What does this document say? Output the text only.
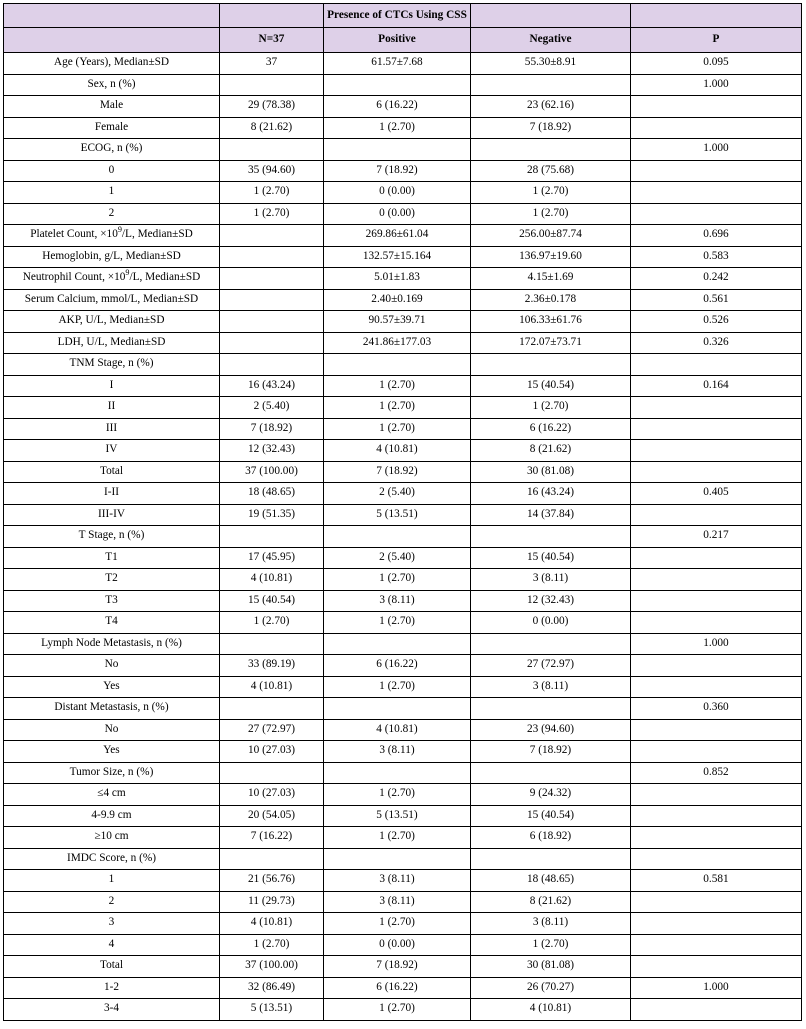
		Presence of CTCs Using CSS		
	N=37	Positive	Negative	P
Age (Years), Median±SD	37	61.57±7.68	55.30±8.91	0.095
Sex, n (%)				1.000
Male	29 (78.38)	6 (16.22)	23 (62.16)	
Female	8 (21.62)	1 (2.70)	7 (18.92)	
ECOG, n (%)				1.000
0	35 (94.60)	7 (18.92)	28 (75.68)	
1	1 (2.70)	0 (0.00)	1 (2.70)	
2	1 (2.70)	0 (0.00)	1 (2.70)	
Platelet Count, $\times 10^9/L$, Median±SD		269.86±61.04	256.00±87.74	0.696
Hemoglobin, g/L, Median±SD		132.57±15.164	136.97±19.60	0.583
Neutrophil Count, $\times 10^9/L$, Median±SD		5.01±1.83	4.15±1.69	0.242
Serum Calcium, mmol/L, Median±SD		2.40±0.169	2.36±0.178	0.561
AKP, U/L, Median±SD		90.57±39.71	106.33±61.76	0.526
LDH, U/L, Median±SD		241.86±177.03	172.07±73.71	0.326
TNM Stage, n (%)				
I	16 (43.24)	1 (2.70)	15 (40.54)	0.164
II	2 (5.40)	1 (2.70)	1 (2.70)	
III	7 (18.92)	1 (2.70)	6 (16.22)	
IV	12 (32.43)	4 (10.81)	8 (21.62)	
Total	37 (100.00)	7 (18.92)	30 (81.08)	
I-II	18 (48.65)	2 (5.40)	16 (43.24)	0.405
III-IV	19 (51.35)	5 (13.51)	14 (37.84)	
T Stage, n (%)				0.217
T1	17 (45.95)	2 (5.40)	15 (40.54)	
T2	4 (10.81)	1 (2.70)	3 (8.11)	
T3	15 (40.54)	3 (8.11)	12 (32.43)	
T4	1 (2.70)	1 (2.70)	0 (0.00)	
Lymph Node Metastasis, n (%)				1.000
No	33 (89.19)	6 (16.22)	27 (72.97)	
Yes	4 (10.81)	1 (2.70)	3 (8.11)	
Distant Metastasis, n (%)				0.360
No	27 (72.97)	4 (10.81)	23 (94.60)	
Yes	10 (27.03)	3 (8.11)	7 (18.92)	
Tumor Size, n (%)				0.852
≤4 cm	10 (27.03)	1 (2.70)	9 (24.32)	
4-9.9 cm	20 (54.05)	5 (13.51)	15 (40.54)	
≥10 cm	7 (16.22)	1 (2.70)	6 (18.92)	
IMDC Score, n (%)				
1	21 (56.76)	3 (8.11)	18 (48.65)	0.581
2	11 (29.73)	3 (8.11)	8 (21.62)	
3	4 (10.81)	1 (2.70)	3 (8.11)	
4	1 (2.70)	0 (0.00)	1 (2.70)	
Total	37 (100.00)	7 (18.92)	30 (81.08)	
1-2	32 (86.49)	6 (16.22)	26 (70.27)	1.000
3-4	5 (13.51)	1 (2.70)	4 (10.81)	
